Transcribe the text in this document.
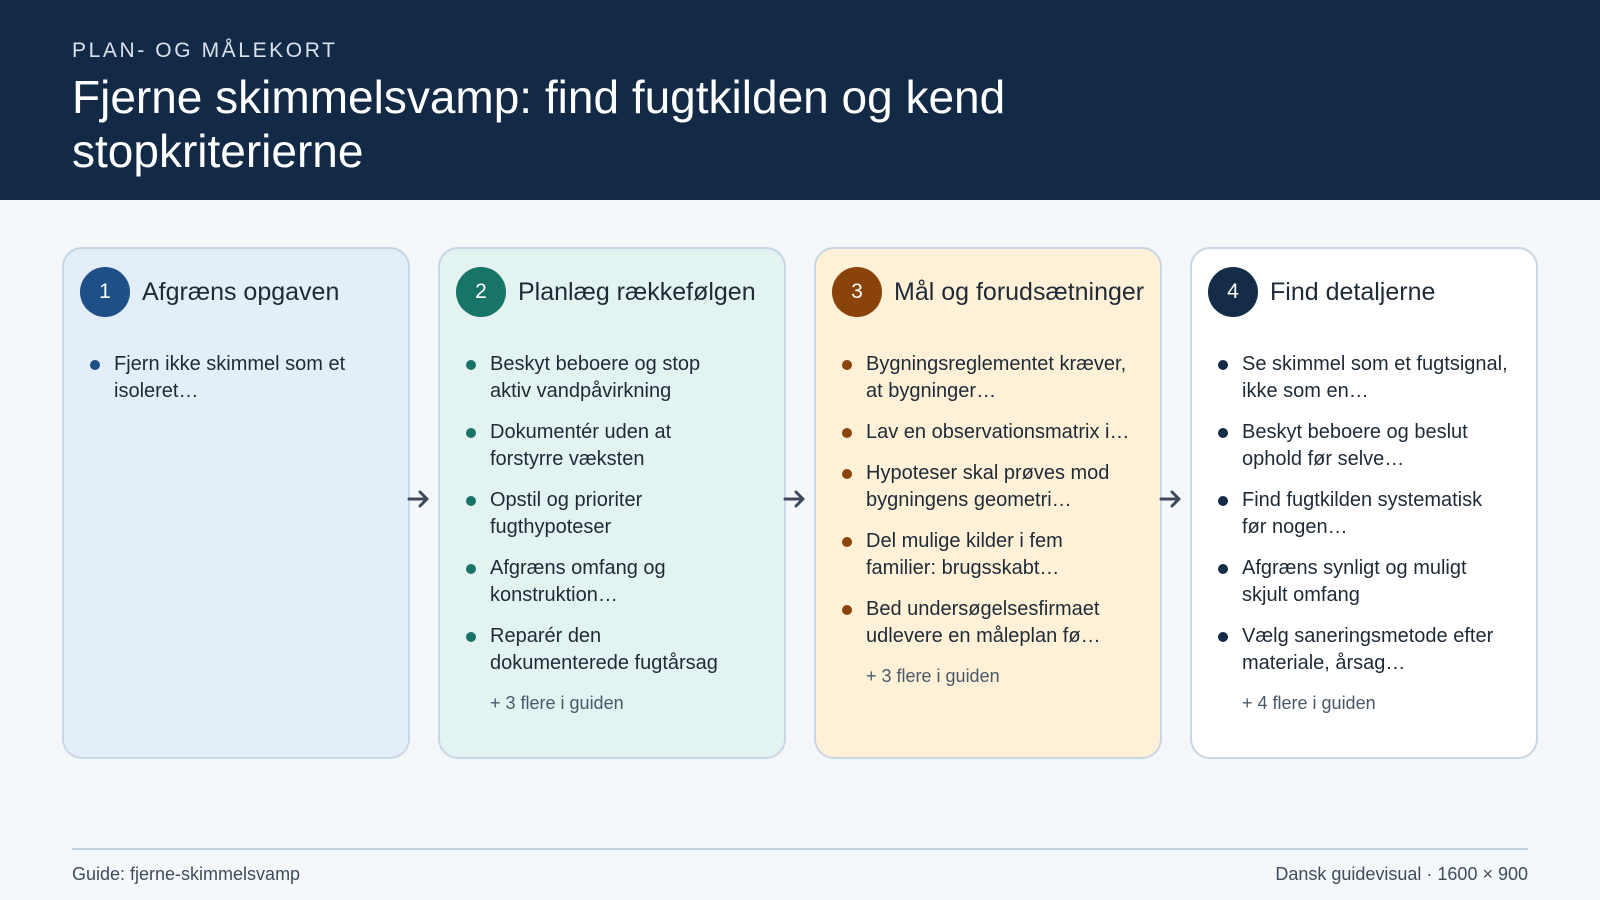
PLAN- OG MÅLEKORT
Fjerne skimmelsvamp: find fugtkilden og kend stopkriterierne
1	Afgræns opgaven
Fjern ikke skimmel som et isoleret…
2	Planlæg rækkefølgen
Beskyt beboere og stop aktiv vandpåvirkning
Dokumentér uden at forstyrre væksten
Opstil og prioriter fugthypoteser
Afgræns omfang og konstruktion…
Reparér den dokumenterede fugtårsag
+ 3 flere i guiden
3	Mål og forudsætninger
Bygningsreglementet kræver, at bygninger…
Lav en observationsmatrix i…
Hypoteser skal prøves mod bygningens geometri…
Del mulige kilder i fem familier: brugsskabt…
Bed undersøgelsesfirmaet udlevere en måleplan fø…
+ 3 flere i guiden
4	Find detaljerne
Se skimmel som et fugtsignal, ikke som en…
Beskyt beboere og beslut ophold før selve…
Find fugtkilden systematisk før nogen…
Afgræns synligt og muligt skjult omfang
Vælg saneringsmetode efter materiale, årsag…
+ 4 flere i guiden
Guide: fjerne-skimmelsvamp	Dansk guidevisual · 1600 × 900
